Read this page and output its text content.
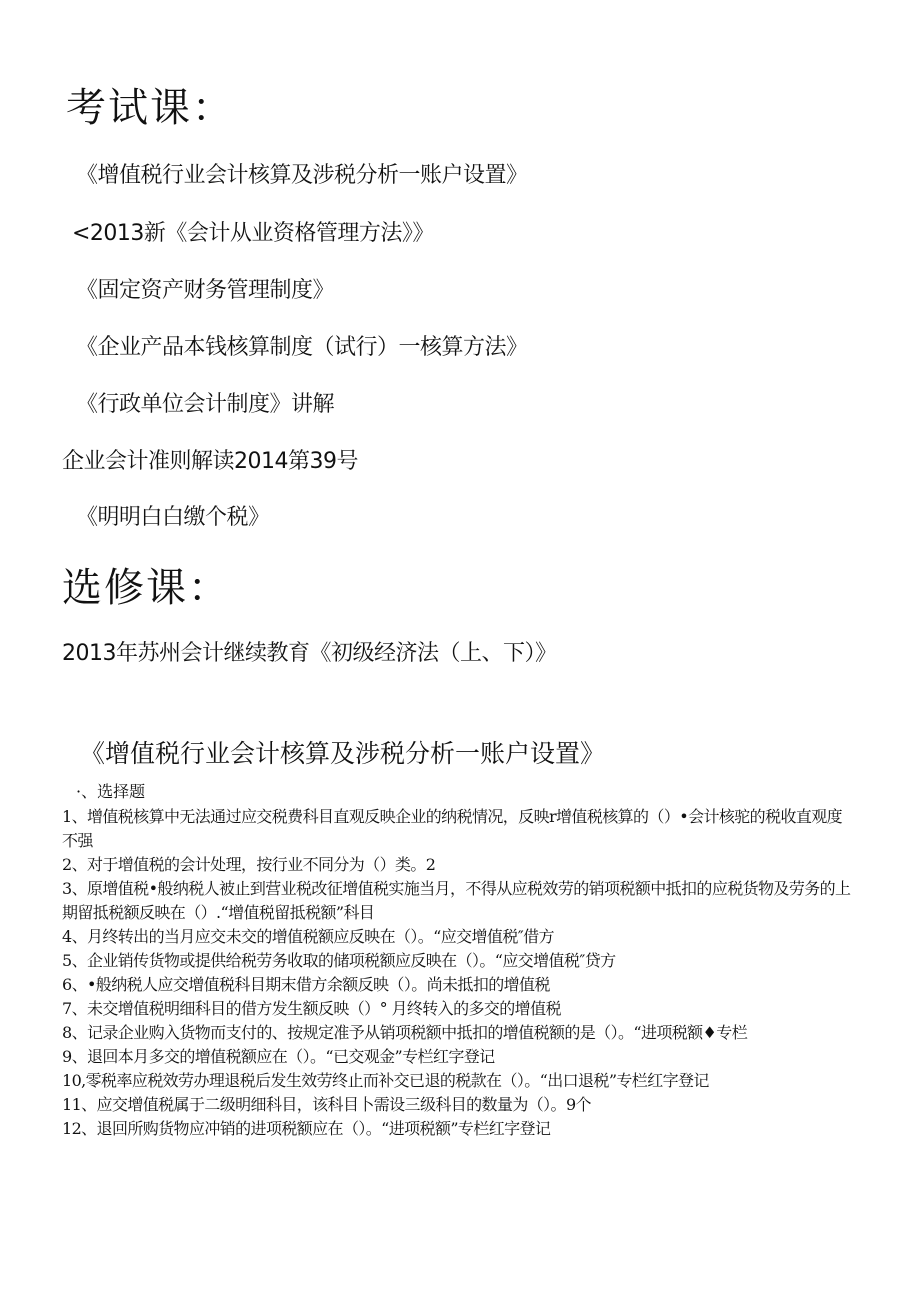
考试课：

《增值税行业会计核算及涉税分析一账户设置》

<2013新《会计从业资格管理方法》》

《固定资产财务管理制度》

《企业产品本钱核算制度（试行）一核算方法》

《行政单位会计制度》讲解

企业会计准则解读2014第39号

《明明白白缴个税》

选修课：

2013年苏州会计继续教育《初级经济法（上、下）》

《增值税行业会计核算及涉税分析一账户设置》
·、选择题

1、增值税核算中无法通过应交税费科目直观反映企业的纳税情况，反映r增值税核算的（）•会计核驼的税收直观度不强

2、对于增值税的会计处理，按行业不同分为（）类。2

3、原增值税•般纳税人被止到营业税改征增值税实施当月，不得从应税效劳的销项税额中抵扣的应税货物及劳务的上期留抵税额反映在（）.“增值税留抵税额”科目

4、月终转出的当月应交未交的增值税额应反映在（）。“应交增值税″借方

5、企业销传货物或提供给税劳务收取的储项税额应反映在（）。“应交增值税″贷方

6、•般纳税人应交增值税科目期末借方余额反映（）。尚未抵扣的增值税

7、未交增值税明细科目的借方发生额反映（）° 月终转入的多交的增值税

8、记录企业购入货物而支付的、按规定准予从销项税额中抵扣的增值税额的是（）。“进项税额♦专栏

9、退回本月多交的增值税额应在（）。“已交观金”专栏红字登记

10,零税率应税效劳办理退税后发生效劳终止而补交已退的税款在（）。“出口退税”专栏红字登记

11、应交增值税属于二级明细科目，该科目卜需设三级科目的数量为（）。9个

12、退回所购货物应冲销的进项税额应在（）。“进项税额”专栏红字登记
